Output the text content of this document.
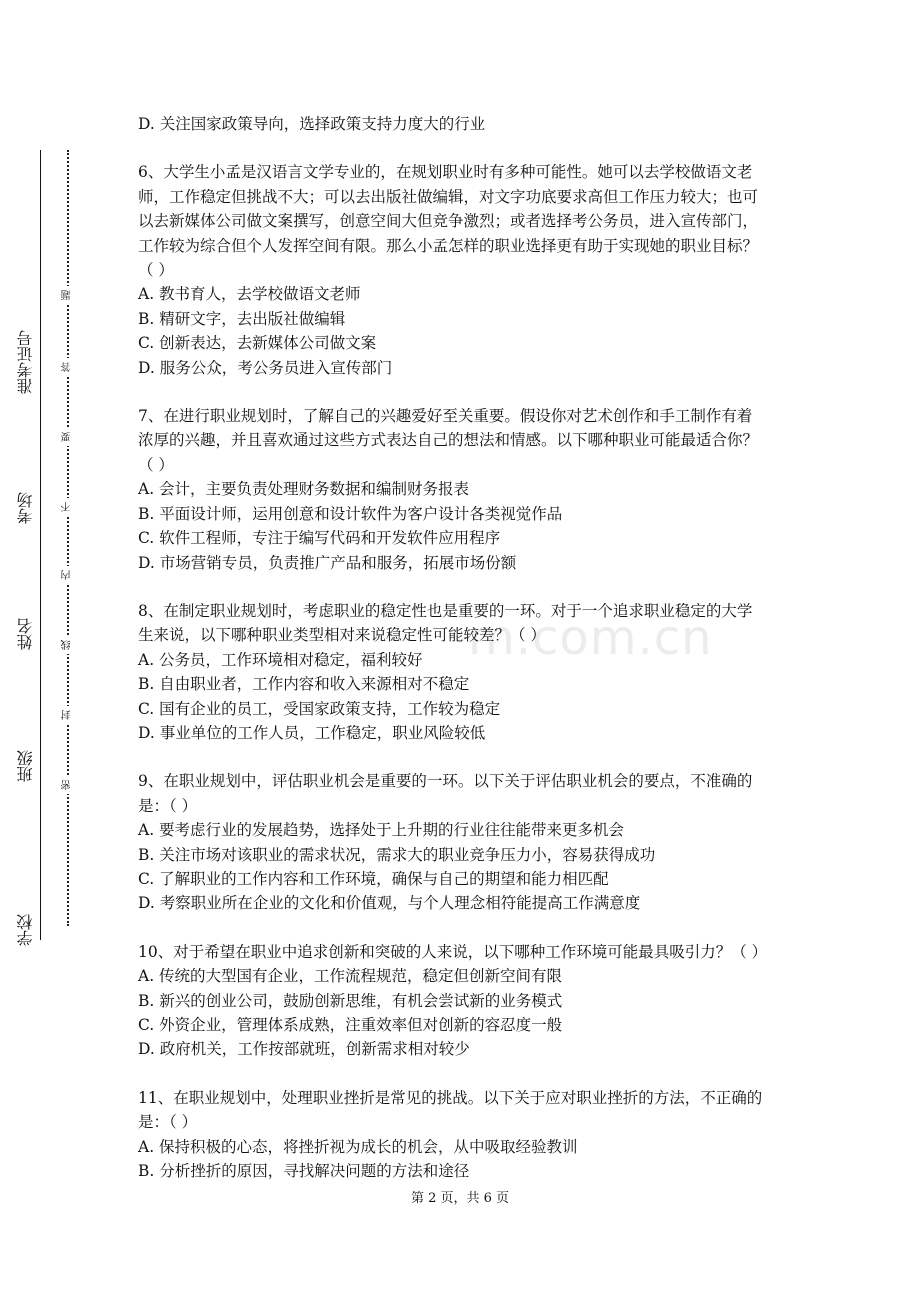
准考证号
考场
姓名
班级
学校
题
答
要
不
内
线
封
密
m.com.cn
D. 关注国家政策导向，选择政策支持力度大的行业
6、大学生小孟是汉语言文学专业的，在规划职业时有多种可能性。她可以去学校做语文老
师，工作稳定但挑战不大；可以去出版社做编辑，对文字功底要求高但工作压力较大；也可
以去新媒体公司做文案撰写，创意空间大但竞争激烈；或者选择考公务员，进入宣传部门，
工作较为综合但个人发挥空间有限。那么小孟怎样的职业选择更有助于实现她的职业目标？
（ ）
A. 教书育人，去学校做语文老师
B. 精研文字，去出版社做编辑
C. 创新表达，去新媒体公司做文案
D. 服务公众，考公务员进入宣传部门
7、在进行职业规划时，了解自己的兴趣爱好至关重要。假设你对艺术创作和手工制作有着
浓厚的兴趣，并且喜欢通过这些方式表达自己的想法和情感。以下哪种职业可能最适合你？
（ ）
A. 会计，主要负责处理财务数据和编制财务报表
B. 平面设计师，运用创意和设计软件为客户设计各类视觉作品
C. 软件工程师，专注于编写代码和开发软件应用程序
D. 市场营销专员，负责推广产品和服务，拓展市场份额
8、在制定职业规划时，考虑职业的稳定性也是重要的一环。对于一个追求职业稳定的大学
生来说，以下哪种职业类型相对来说稳定性可能较差？（ ）
A. 公务员，工作环境相对稳定，福利较好
B. 自由职业者，工作内容和收入来源相对不稳定
C. 国有企业的员工，受国家政策支持，工作较为稳定
D. 事业单位的工作人员，工作稳定，职业风险较低
9、在职业规划中，评估职业机会是重要的一环。以下关于评估职业机会的要点，不准确的
是：（ ）
A. 要考虑行业的发展趋势，选择处于上升期的行业往往能带来更多机会
B. 关注市场对该职业的需求状况，需求大的职业竞争压力小，容易获得成功
C. 了解职业的工作内容和工作环境，确保与自己的期望和能力相匹配
D. 考察职业所在企业的文化和价值观，与个人理念相符能提高工作满意度
10、对于希望在职业中追求创新和突破的人来说，以下哪种工作环境可能最具吸引力？（ ）
A. 传统的大型国有企业，工作流程规范，稳定但创新空间有限
B. 新兴的创业公司，鼓励创新思维，有机会尝试新的业务模式
C. 外资企业，管理体系成熟，注重效率但对创新的容忍度一般
D. 政府机关，工作按部就班，创新需求相对较少
11、在职业规划中，处理职业挫折是常见的挑战。以下关于应对职业挫折的方法，不正确的
是：（ ）
A. 保持积极的心态，将挫折视为成长的机会，从中吸取经验教训
B. 分析挫折的原因，寻找解决问题的方法和途径
第 2 页，共 6 页
